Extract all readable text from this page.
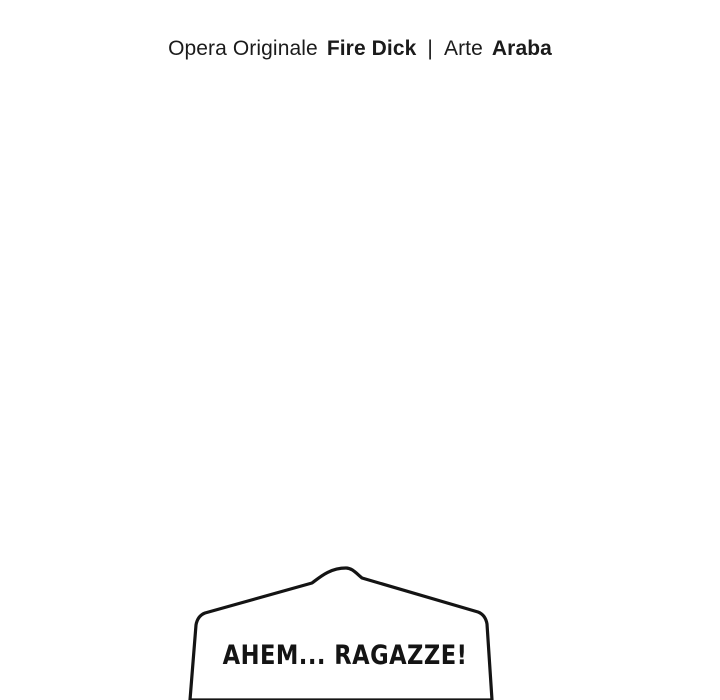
Opera Originale Fire Dick | Arte Araba
AHEM... RAGAZZE!
